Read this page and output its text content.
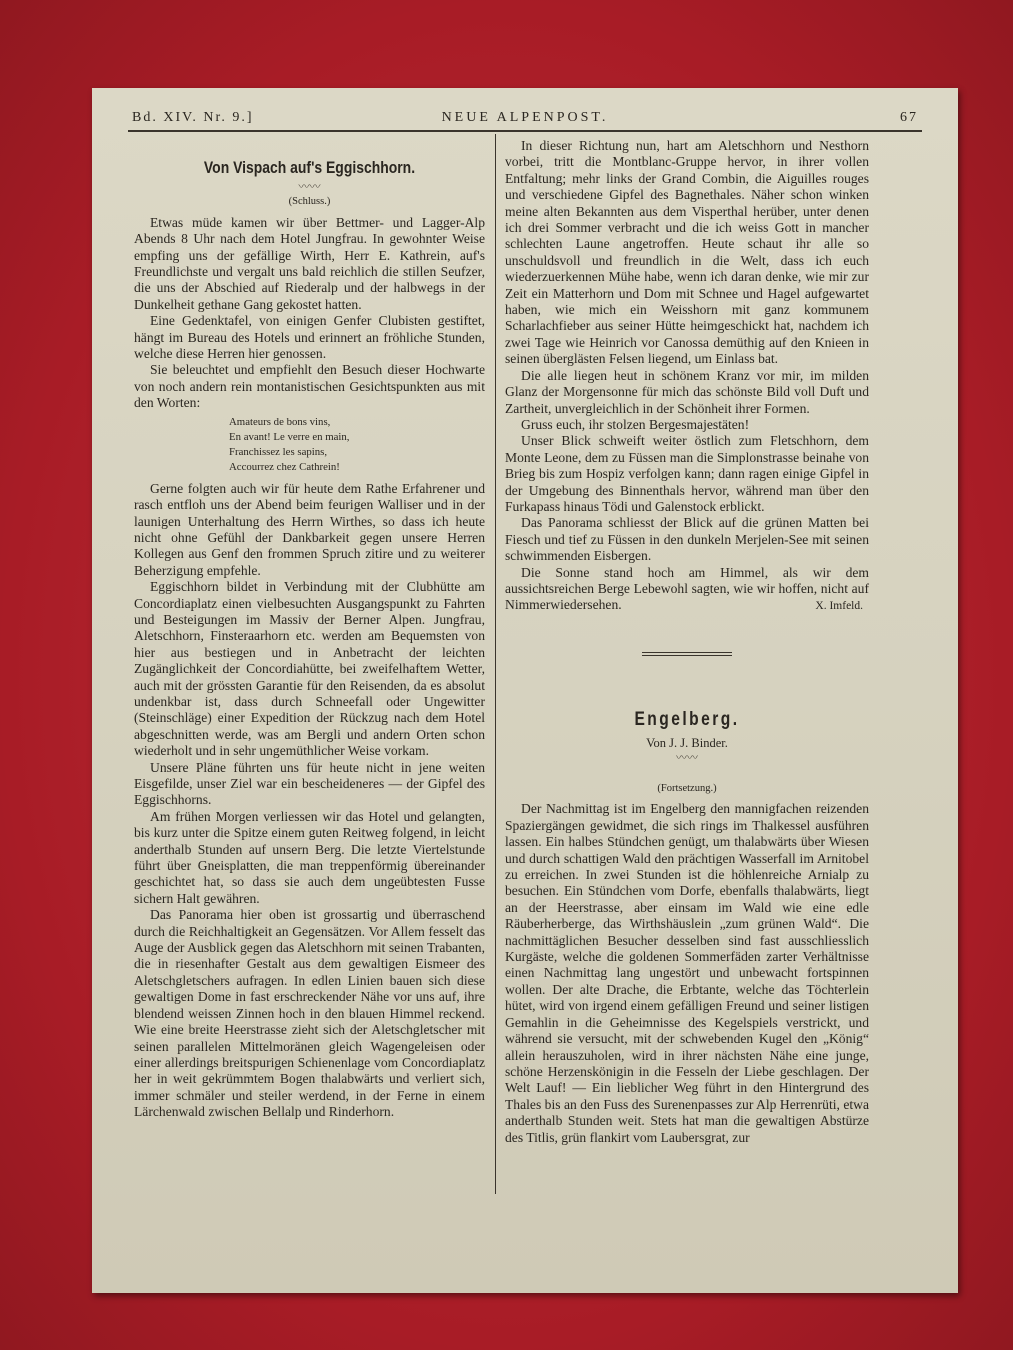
Bd. XIV. Nr. 9.]	NEUE ALPENPOST.	67
Von Vispach auf's Eggischhorn.
〰〰
(Schluss.)

Etwas müde kamen wir über Bettmer- und Lagger-Alp Abends 8 Uhr nach dem Hotel Jungfrau. In gewohnter Weise empfing uns der gefällige Wirth, Herr E. Kathrein, auf's Freundlichste und vergalt uns bald reichlich die stillen Seufzer, die uns der Abschied auf Riederalp und der halbwegs in der Dunkelheit gethane Gang gekostet hatten.

Eine Gedenktafel, von einigen Genfer Clubisten gestiftet, hängt im Bureau des Hotels und erinnert an fröhliche Stunden, welche diese Herren hier genossen.

Sie beleuchtet und empfiehlt den Besuch dieser Hochwarte von noch andern rein montanistischen Gesichtspunkten aus mit den Worten:

Amateurs de bons vins,
En avant! Le verre en main,
Franchissez les sapins,
Accourrez chez Cathrein!

Gerne folgten auch wir für heute dem Rathe Erfahrener und rasch entfloh uns der Abend beim feurigen Walliser und in der launigen Unterhaltung des Herrn Wirthes, so dass ich heute nicht ohne Gefühl der Dankbarkeit gegen unsere Herren Kollegen aus Genf den frommen Spruch zitire und zu weiterer Beherzigung empfehle.

Eggischhorn bildet in Verbindung mit der Clubhütte am Concordiaplatz einen vielbesuchten Ausgangspunkt zu Fahrten und Besteigungen im Massiv der Berner Alpen. Jungfrau, Aletschhorn, Finsteraarhorn etc. werden am Bequemsten von hier aus bestiegen und in Anbetracht der leichten Zugänglichkeit der Concordiahütte, bei zweifelhaftem Wetter, auch mit der grössten Garantie für den Reisenden, da es absolut undenkbar ist, dass durch Schneefall oder Ungewitter (Steinschläge) einer Expedition der Rückzug nach dem Hotel abgeschnitten werde, was am Bergli und andern Orten schon wiederholt und in sehr ungemüthlicher Weise vorkam.

Unsere Pläne führten uns für heute nicht in jene weiten Eisgefilde, unser Ziel war ein bescheideneres — der Gipfel des Eggischhorns.

Am frühen Morgen verliessen wir das Hotel und gelangten, bis kurz unter die Spitze einem guten Reitweg folgend, in leicht anderthalb Stunden auf unsern Berg. Die letzte Viertelstunde führt über Gneisplatten, die man treppenförmig übereinander geschichtet hat, so dass sie auch dem ungeübtesten Fusse sichern Halt gewähren.

Das Panorama hier oben ist grossartig und überraschend durch die Reichhaltigkeit an Gegensätzen. Vor Allem fesselt das Auge der Ausblick gegen das Aletschhorn mit seinen Trabanten, die in riesenhafter Gestalt aus dem gewaltigen Eismeer des Aletschgletschers aufragen. In edlen Linien bauen sich diese gewaltigen Dome in fast erschreckender Nähe vor uns auf, ihre blendend weissen Zinnen hoch in den blauen Himmel reckend. Wie eine breite Heerstrasse zieht sich der Aletschgletscher mit seinen parallelen Mittelmoränen gleich Wagengeleisen oder einer allerdings breitspurigen Schienenlage vom Concordiaplatz her in weit gekrümmtem Bogen thalabwärts und verliert sich, immer schmäler und steiler werdend, in der Ferne in einem Lärchenwald zwischen Bellalp und Rinderhorn.

In dieser Richtung nun, hart am Aletschhorn und Nesthorn vorbei, tritt die Montblanc-Gruppe hervor, in ihrer vollen Entfaltung; mehr links der Grand Combin, die Aiguilles rouges und verschiedene Gipfel des Bagnethales. Näher schon winken meine alten Bekannten aus dem Visperthal herüber, unter denen ich drei Sommer verbracht und die ich weiss Gott in mancher schlechten Laune angetroffen. Heute schaut ihr alle so unschuldsvoll und freundlich in die Welt, dass ich euch wiederzuerkennen Mühe habe, wenn ich daran denke, wie mir zur Zeit ein Matterhorn und Dom mit Schnee und Hagel aufgewartet haben, wie mich ein Weisshorn mit ganz kommunem Scharlachfieber aus seiner Hütte heimgeschickt hat, nachdem ich zwei Tage wie Heinrich vor Canossa demüthig auf den Knieen in seinen überglästen Felsen liegend, um Einlass bat.

Die alle liegen heut in schönem Kranz vor mir, im milden Glanz der Morgensonne für mich das schönste Bild voll Duft und Zartheit, unvergleichlich in der Schönheit ihrer Formen.

Gruss euch, ihr stolzen Bergesmajestäten!

Unser Blick schweift weiter östlich zum Fletschhorn, dem Monte Leone, dem zu Füssen man die Simplonstrasse beinahe von Brieg bis zum Hospiz verfolgen kann; dann ragen einige Gipfel in der Umgebung des Binnenthals hervor, während man über den Furkapass hinaus Tödi und Galenstock erblickt.

Das Panorama schliesst der Blick auf die grünen Matten bei Fiesch und tief zu Füssen in den dunkeln Merjelen-See mit seinen schwimmenden Eisbergen.

Die Sonne stand hoch am Himmel, als wir dem aussichtsreichen Berge Lebewohl sagten, wie wir hoffen, nicht auf Nimmerwiedersehen.	X. Imfeld.
Engelberg.
Von J. J. Binder.
〰〰
(Fortsetzung.)

Der Nachmittag ist im Engelberg den mannigfachen reizenden Spaziergängen gewidmet, die sich rings im Thalkessel ausführen lassen. Ein halbes Stündchen genügt, um thalabwärts über Wiesen und durch schattigen Wald den prächtigen Wasserfall im Arnitobel zu erreichen. In zwei Stunden ist die höhlenreiche Arnialp zu besuchen. Ein Stündchen vom Dorfe, ebenfalls thalabwärts, liegt an der Heerstrasse, aber einsam im Wald wie eine edle Räuberherberge, das Wirthshäuslein „zum grünen Wald“. Die nachmittäglichen Besucher desselben sind fast ausschliesslich Kurgäste, welche die goldenen Sommerfäden zarter Verhältnisse einen Nachmittag lang ungestört und unbewacht fortspinnen wollen. Der alte Drache, die Erbtante, welche das Töchterlein hütet, wird von irgend einem gefälligen Freund und seiner listigen Gemahlin in die Geheimnisse des Kegelspiels verstrickt, und während sie versucht, mit der schwebenden Kugel den „König“ allein herauszuholen, wird in ihrer nächsten Nähe eine junge, schöne Herzenskönigin in die Fesseln der Liebe geschlagen. Der Welt Lauf! — Ein lieblicher Weg führt in den Hintergrund des Thales bis an den Fuss des Surenenpasses zur Alp Herrenrüti, etwa anderthalb Stunden weit. Stets hat man die gewaltigen Abstürze des Titlis, grün flankirt vom Laubersgrat, zur
